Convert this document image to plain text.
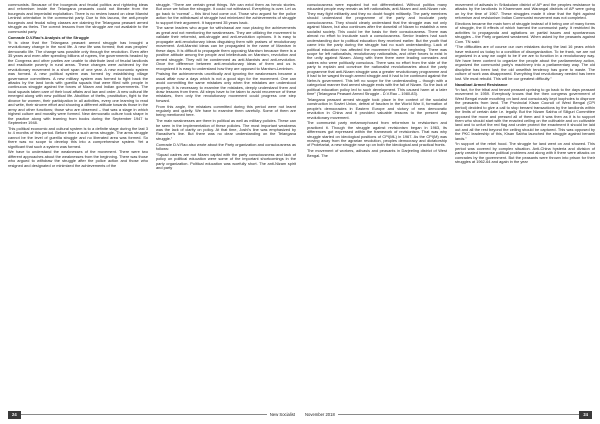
communists. Because of the bourgeois and feudal politics and rightwing ideas and reformism inside the Telangana peasants could not liberate from the bourgeois and imperialist exploitation. There is no review based on clear Marxist Leninist orientation in the communist party. Due to this lacuna, the anti-people bourgeois and feudal ruling classes are claiming the Telangana peasant armed struggle as theirs. The correct lessons from the struggle are not available to the communist party.

Comrade D.V.Rao’s Analysis of the Struggle

“It is clear that the Telangana peasant armed struggle has brought a revolutionary change in the rural life. A new life was formed; that was peoples’ democratic life. The change was possible only through the revolution. Even after 35 years and even after spending billions of rupees, the governments headed by the Congress and other parties are unable to distribute land of feudal landlords and eradicate poverty in rural areas. These changes were achieved by the revolutionary movement in a short span of one year. A new economic system was formed. A new political system was formed by establishing village governance committees. A new military system was formed to fight back the attacks by the land lords with guerilla squads that were filled with people in continuous struggle against the forces of Nizam and Indian governments. The local squads taken care of their local affairs and law and order. A new cultural life emerged along with new political life. Abolition of thefts, prostitution, fight to the divorce for women, their participation in all activities, every one learning to read and write, their sincere effort and showing a different attitude towards those in the army and other functions; those who are observed – that was a stage in which highest culture and morality were formed. New democratic culture took shape in the practice along with learning from books during the September 1947 to September 1948.

This political economic and cultural system is to a definite stage during the last 3 to 4 months of this period. Before then a such arms struggle. The arms struggle cannot be the level of guerilla struggle and no liberated area was formed. So there was no scope to develop this into a comprehensive system. Yet a significant that such a system was formed.

We have to understand the weaknesses of the movement. There were two different approaches about the weaknesses from the beginning. There was those who argued to withdraw the struggle after the police action and those who resigned and designated or minimized the achievements of the

struggle. “There are certain great things. We can extol them as heroic stories. But once we follow the struggle. It could not withstand. Everything is over. Let us go back to ‘normal’ – this kind had come out. Those who argued for the police action for the withdrawal of struggle had minimized the achievements of struggle to support their argument. It happened 35 years back.

The same leaders who argue for withdrawal are now placing the achievements as great and not mentioning the weaknesses. They are utilizing the movement to validate their reformist, anti-struggle and anti-revolution opinions. It is easy to propagate anti-revolutionary ideas disguising them with praises of revolutionary movement. Anti-Marxist ideas can be propagated in the name of Marxism in these days. It is difficult to propagate them opposing Marxism because there is a positive attitude among the people and intellectuals on Marxism, revolution and armed struggle. They will be condemned as anti-Marxists and anti-revolution. Once the difference between anti-revolutionary ideas of them and us is recognized it is easy to understand how they are opposed to Marxism-Leninism.

Praising the achievements uncritically and ignoring the weaknesses became a usual affair now a days which is not a good sign for the movement. One can avoid committing the same mistakes only when the mistakes are understood properly. It is necessary to examine the mistakes, deeply understand them and draw lessons from them. All steps have to be taken to avoid recurrence of these mistakes, then only the revolutionary movement could progress one step forward.

From this angle, the mistakes committed during this period were not learnt regularly and quietly. We have to examine them carefully. Some of them are being mentioned here.

The main weaknesses are there in political as well as military policies. These can be seen in the implementation of these policies. The most important weakness was the lack of clarity on policy. At that time, Joshi’s line was emphasized by Ranadive’s line. But there was no clear understanding on the Telangana struggle.”

Comrade D.V.Rao also wrote about the Party organization and consciousness as follows:

“Squad cadres are not Nizam capital with the party consciousness and lack of policy on political education were some of the important shortcomings in the party organization. Political education was woefully short. The anti-Nizam spirit and party

consciousness were equated but not differentiated. Without politics many educated people may remain as left nationalists, anti-Nizam and anti-Nizam rule. They may fight militantly and they no doubt fought militantly. The party members should understand the programme of the party and inculcate party consciousness. They should clearly understand that the struggle was not only against Nizam, but also continues after the downfall of Nizam to establish a new socialist society. This could be the basis for their consciousness. There was almost no effort to inculcate such a consciousness. Senior leaders had such understanding due to political education they received earlier. But the youth that came into the party during the struggle had no such understanding. Lack of political education has affected the movement from the beginning. There was scope for left nationalists, revolutionary nationalists, and other forces to exist in the unity against Nizam. Along with them there were leading comrades and cadres who were politically conscious. There was no effort from the side of the party to explain and convince the nationalist revolutionaries about the party programme that anti-Nizam struggle was a greater revolutionary programme and it had to be waged through armed struggle and it had to be continued against the Nehru’s government. This left no scope for the understanding – though with a categorical manner that armed struggle ends with the fall of Nizam. So the lack of political education policy led to such development. This caused harm at a later time” (Telangana Peasant Armed Struggle - D.V.Rao – 1980-83).

Telangana peasant armed struggle took place in the context of the socialist construction in Soviet Union, defeat of fascism in the World War II, formation of people’s democracies in Eastern Europe and victory of new democratic revolution in China and it provided valuable lessons to the present day revolutionary movement.

The communist party metamorphosed from reformism to revisionism and practiced it. Though the struggle against revisionism began in 1963, its differences got expressed within the framework of revisionism. That was why struggle started on ideological positions of CPI(ML) in 1967. As the CPI(M) was moving away from the agrarian revolution, peoples democracy and dictatorship of Proletariat, a new struggle rose up on both the ideological and practical fronts.

The movement of workers, adivasis and peasants in Darjeeling district of West Bengal. The

movement of adivasis in Srikakulam district of AP and the peoples resistance to attacks by the landlords in Khammam and Warangal districts of AP were going on by the time of 1967. These struggles made it clear that the fight against reformism and revisionism Indian Communist movement was not completed.

Elections became the main form of struggle instead of it being one of many forms of struggle, the ill effects of which harmed the communist party. It restricted its activities to propaganda and agitations on partial issues and spontaneous struggles – the Party organized weakened. When asked by the peasants against Com. TN said:

“The difficulties are of course our own mistakes during the last 16 years which have reduced us today to a condition of disorganization. To be frank, we are not organized in a way we ought to be if we are to function in a revolutionary way. We have been content to organize the people about the parliamentary action, organized the communist party’s machinery into a parliamentary way. The old discipline has been lost; the old unselfish tendency has gone to waste. The culture of work was disappeared. Everything that revolutionary needed has been lost. We must rebuild. This will be our greatest difficulty.”

Naxalbari Armed Resistance

“In fact, for the tribal and tenant peasant uprising to go back to the days peasant movement in 1959. Everybody knows that the then congress government of West Bengal made mouthing on land and consciously kept loopholes to disprove the peasants from land. The Provincial Kisan Council of West Bengal (CPI period) decided to give a call to stop benami transactions by the landlords within the limits of certain date i.e. legally. But the Nizam Sabha of Siliguri Committee opposed the move and pressed all of them and it was then as it is to support them who should start with the enacted ceiling on the cultivable and on cultivable land and to unfurl the red flag and under protect the enactment it should be laid out and all the rest beyond the ceiling should be captured. This was opposed by the PKC leadership of this, Kisan Sabha launched the struggle against benami lands.”

“In support of the rebel hood. The struggle for land went on and showed. This period was covered by complex situation. Anti-China hysteria and division of party created immense political problems and along with it there were attacks on comrades by the government. But the peasants were thrown into prison for their struggles at 1962-64 and again in the year

24	New Socialist	November 2018	24
